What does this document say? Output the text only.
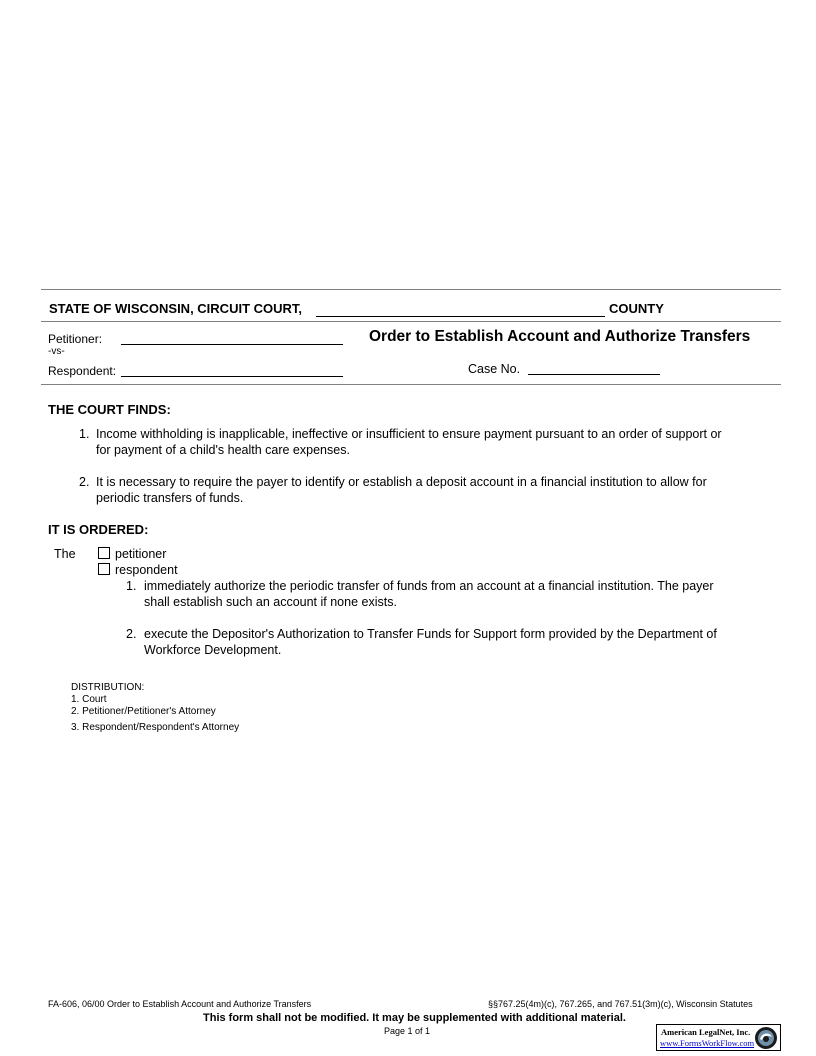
STATE OF WISCONSIN, CIRCUIT COURT,	COUNTY
Petitioner:
-vs-
Respondent:
Order to Establish Account and Authorize Transfers
Case No.
THE COURT FINDS:
1. Income withholding is inapplicable, ineffective or insufficient to ensure payment pursuant to an order of support or
for payment of a child's health care expenses.
2. It is necessary to require the payer to identify or establish a deposit account in a financial institution to allow for
periodic transfers of funds.
IT IS ORDERED:
The	petitioner
respondent
1. immediately authorize the periodic transfer of funds from an account at a financial institution. The payer
shall establish such an account if none exists.
2. execute the Depositor's Authorization to Transfer Funds for Support form provided by the Department of
Workforce Development.
DISTRIBUTION:
1. Court
2. Petitioner/Petitioner's Attorney
3. Respondent/Respondent's Attorney
FA-606, 06/00 Order to Establish Account and Authorize Transfers	§§767.25(4m)(c), 767.265, and 767.51(3m)(c), Wisconsin Statutes
This form shall not be modified. It may be supplemented with additional material.
Page 1 of 1	American LegalNet, Inc.
www.FormsWorkFlow.com
